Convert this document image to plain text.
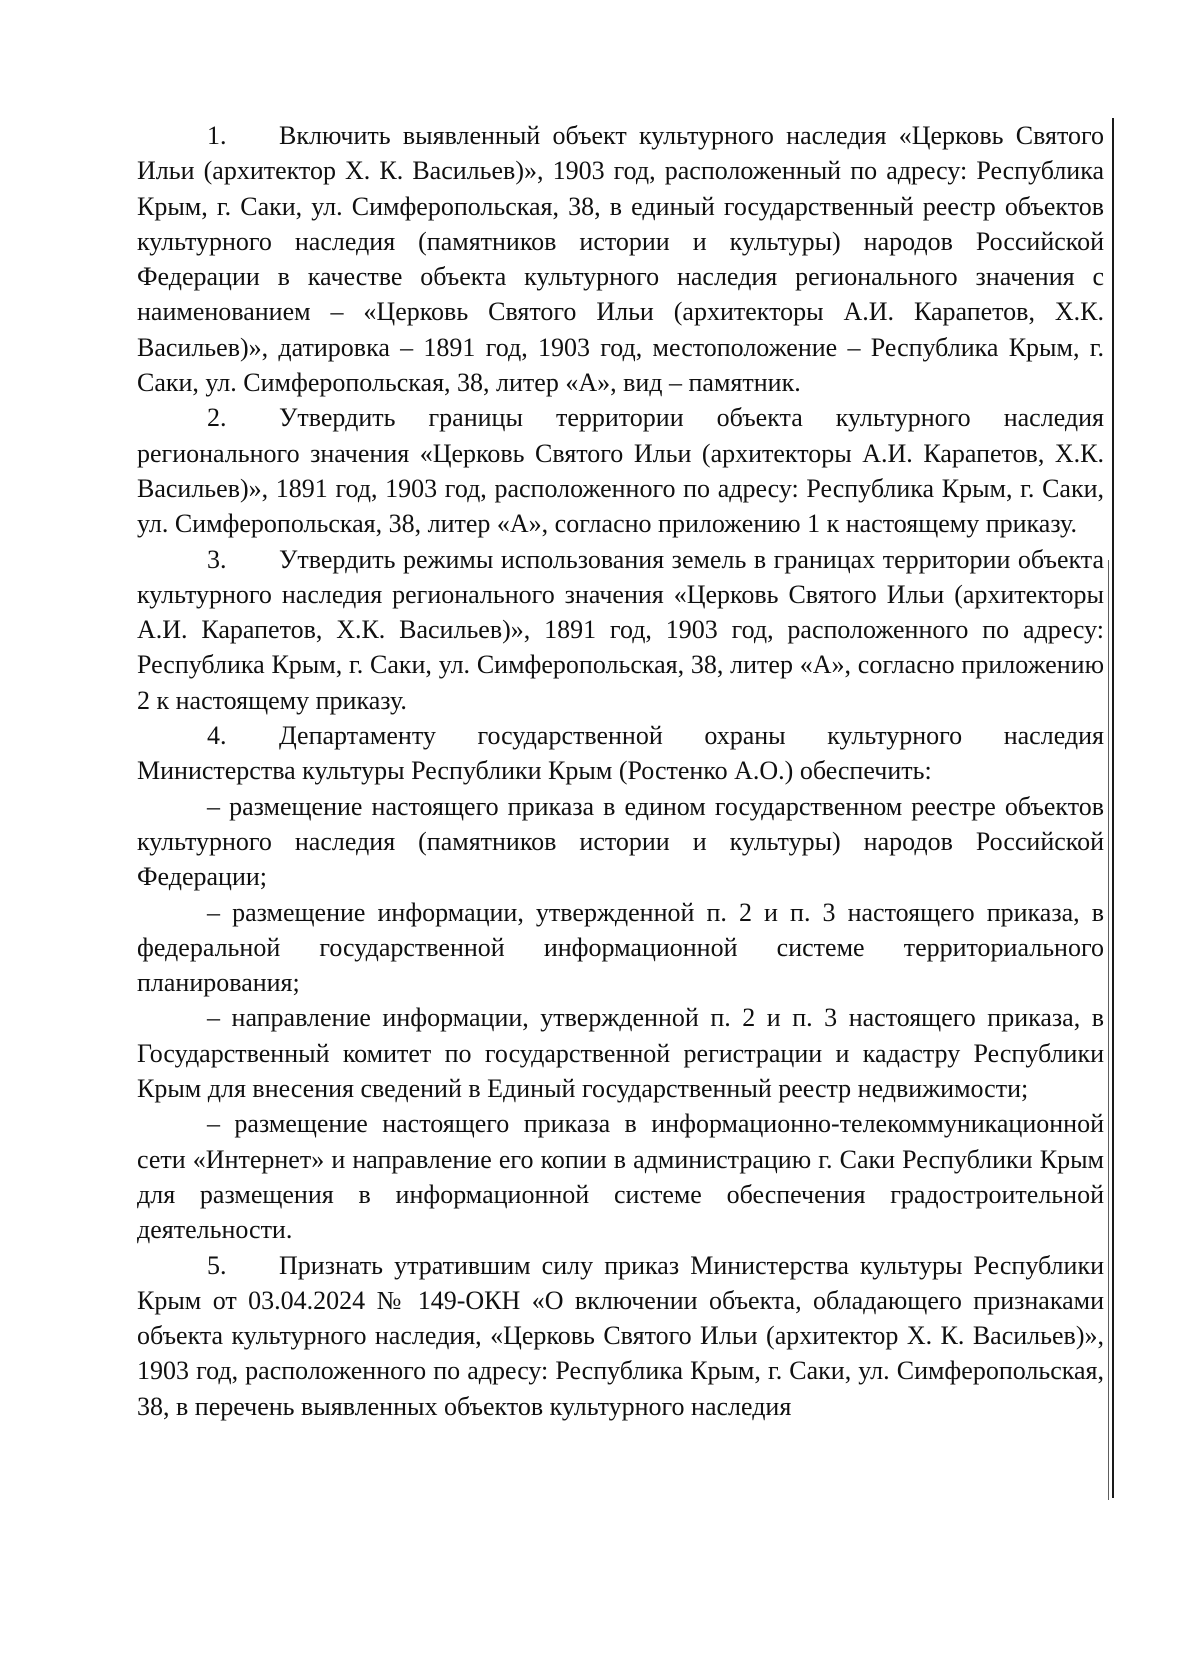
1. Включить выявленный объект культурного наследия «Церковь Святого Ильи (архитектор Х. К. Васильев)», 1903 год, расположенный по адресу: Республика Крым, г. Саки, ул. Симферопольская, 38, в единый государственный реестр объектов культурного наследия (памятников истории и культуры) народов Российской Федерации в качестве объекта культурного наследия регионального значения с наименованием – «Церковь Святого Ильи (архитекторы А.И. Карапетов, Х.К. Васильев)», датировка – 1891 год, 1903 год, местоположение – Республика Крым, г. Саки, ул. Симферопольская, 38, литер «А», вид – памятник.

2. Утвердить границы территории объекта культурного наследия регионального значения «Церковь Святого Ильи (архитекторы А.И. Карапетов, Х.К. Васильев)», 1891 год, 1903 год, расположенного по адресу: Республика Крым, г. Саки, ул. Симферопольская, 38, литер «А», согласно приложению 1 к настоящему приказу.

3. Утвердить режимы использования земель в границах территории объекта культурного наследия регионального значения «Церковь Святого Ильи (архитекторы А.И. Карапетов, Х.К. Васильев)», 1891 год, 1903 год, расположенного по адресу: Республика Крым, г. Саки, ул. Симферопольская, 38, литер «А», согласно приложению 2 к настоящему приказу.

4. Департаменту государственной охраны культурного наследия Министерства культуры Республики Крым (Ростенко А.О.) обеспечить:

– размещение настоящего приказа в едином государственном реестре объектов культурного наследия (памятников истории и культуры) народов Российской Федерации;

– размещение информации, утвержденной п. 2 и п. 3 настоящего приказа, в федеральной государственной информационной системе территориального планирования;

– направление информации, утвержденной п. 2 и п. 3 настоящего приказа, в Государственный комитет по государственной регистрации и кадастру Республики Крым для внесения сведений в Единый государственный реестр недвижимости;

– размещение настоящего приказа в информационно-телекоммуникационной сети «Интернет» и направление его копии в администрацию г. Саки Республики Крым для размещения в информационной системе обеспечения градостроительной деятельности.

5. Признать утратившим силу приказ Министерства культуры Республики Крым от 03.04.2024 № 149-ОКН «О включении объекта, обладающего признаками объекта культурного наследия, «Церковь Святого Ильи (архитектор Х. К. Васильев)», 1903 год, расположенного по адресу: Республика Крым, г. Саки, ул. Симферопольская, 38, в перечень выявленных объектов культурного наследия
